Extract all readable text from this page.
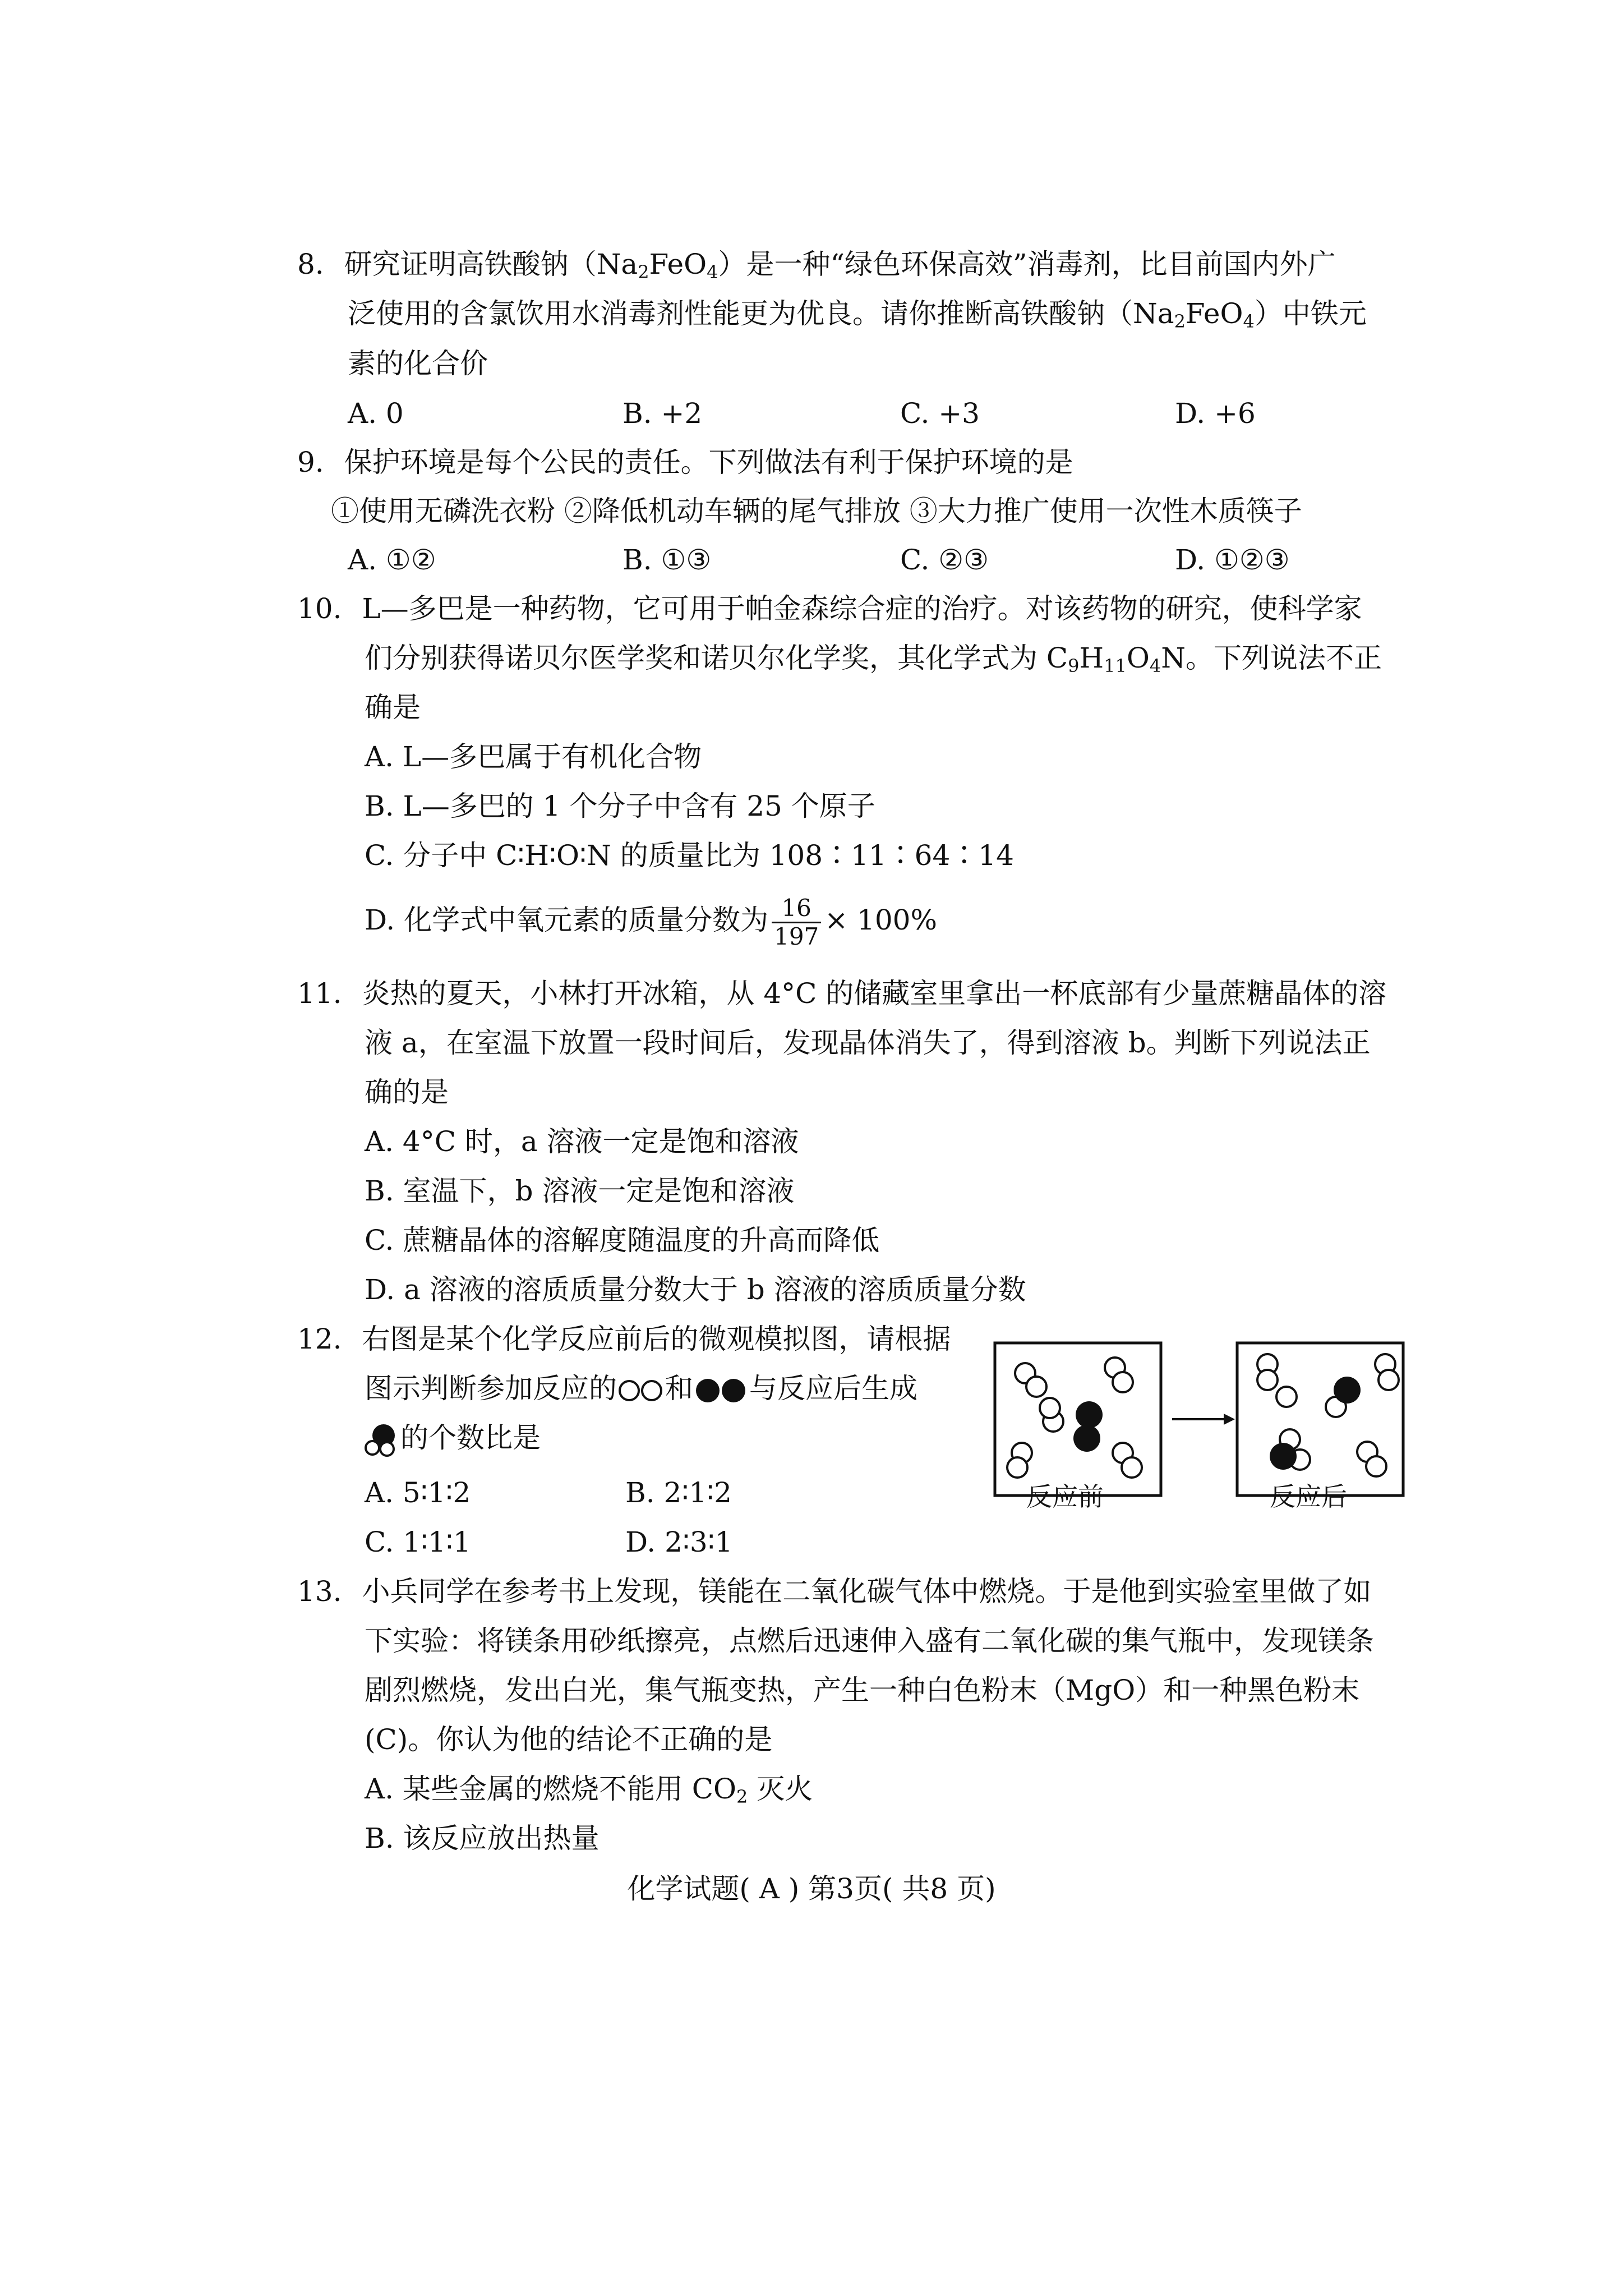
8. 研究证明高铁酸钠$(Na_2FeO_4)$是一种“绿色环保高效”消毒剂，比目前国内外广
泛使用的含氯饮用水消毒剂性能更为优良。请你推断高铁酸钠$(Na_2FeO_4)$中铁元
素的化合价
A. 0	B. +2	C. +3	D. +6
9. 保护环境是每个公民的责任。下列做法有利于保护环境的是
①使用无磷洗衣粉 ②降低机动车辆的尾气排放 ③大力推广使用一次性木质筷子
A. ①②	B. ①③	C. ②③	D. ①②③
10. L—多巴是一种药物，它可用于帕金森综合症的治疗。对该药物的研究，使科学家
们分别获得诺贝尔医学奖和诺贝尔化学奖，其化学式为 $C_9H_{11}O_4N$。下列说法不正
确是
A. L—多巴属于有机化合物
B. L—多巴的 1 个分子中含有 25 个原子
C. 分子中 C∶H∶O∶N 的质量比为 108∶11∶64∶14
D. 化学式中氧元素的质量分数为 $\frac{16}{197} \times 100\%$
11. 炎热的夏天，小林打开冰箱，从 4°C 的储藏室里拿出一杯底部有少量蔗糖晶体的溶
液 a，在室温下放置一段时间后，发现晶体消失了，得到溶液 b。判断下列说法正
确的是
A. 4°C 时，a 溶液一定是饱和溶液
B. 室温下，b 溶液一定是饱和溶液
C. 蔗糖晶体的溶解度随温度的升高而降低
D. a 溶液的溶质质量分数大于 b 溶液的溶质质量分数
12. 右图是某个化学反应前后的微观模拟图，请根据
图示判断参加反应的 和 与反应后生成
的个数比是
A. 5∶1∶2	B. 2∶1∶2
C. 1∶1∶1	D. 2∶3∶1
反应前	反应后
13. 小兵同学在参考书上发现，镁能在二氧化碳气体中燃烧。于是他到实验室里做了如
下实验：将镁条用砂纸擦亮，点燃后迅速伸入盛有二氧化碳的集气瓶中，发现镁条
剧烈燃烧，发出白光，集气瓶变热，产生一种白色粉末（MgO）和一种黑色粉末
(C)。你认为他的结论不正确的是
A. 某些金属的燃烧不能用 $CO_2$ 灭火
B. 该反应放出热量
化学试题( A ) 第3页( 共8 页)
